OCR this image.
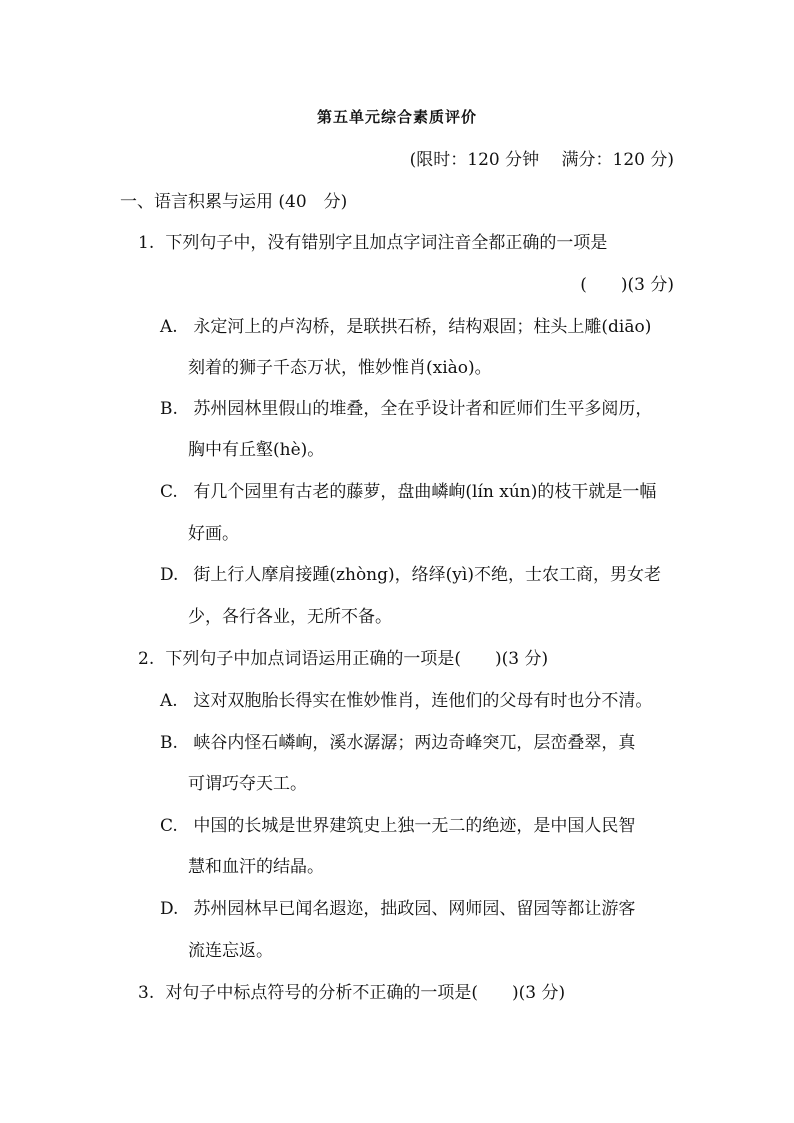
第五单元综合素质评价
(限时：120 分钟　 满分：120 分)
一、语言积累与运用 (40　分)
1. 下列句子中，没有错别字且加点字词注音全都正确的一项是
(　　)(3 分)
A. 永定河上的卢沟桥，是联拱石桥，结构艰固；柱头上雕(diāo)
刻着的狮子千态万状，惟妙惟肖(xiào)。
B. 苏州园林里假山的堆叠，全在乎设计者和匠师们生平多阅历，
胸中有丘壑(hè)。
C. 有几个园里有古老的藤萝，盘曲嶙峋(lín xún)的枝干就是一幅
好画。
D. 街上行人摩肩接踵(zhòng)，络绎(yì)不绝，士农工商，男女老
少，各行各业，无所不备。
2. 下列句子中加点词语运用正确的一项是(　　)(3 分)
A. 这对双胞胎长得实在惟妙惟肖，连他们的父母有时也分不清。
B. 峡谷内怪石嶙峋，溪水潺潺；两边奇峰突兀，层峦叠翠，真
可谓巧夺天工。
C. 中国的长城是世界建筑史上独一无二的绝迹，是中国人民智
慧和血汗的结晶。
D. 苏州园林早已闻名遐迩，拙政园、网师园、留园等都让游客
流连忘返。
3. 对句子中标点符号的分析不正确的一项是(　　)(3 分)
